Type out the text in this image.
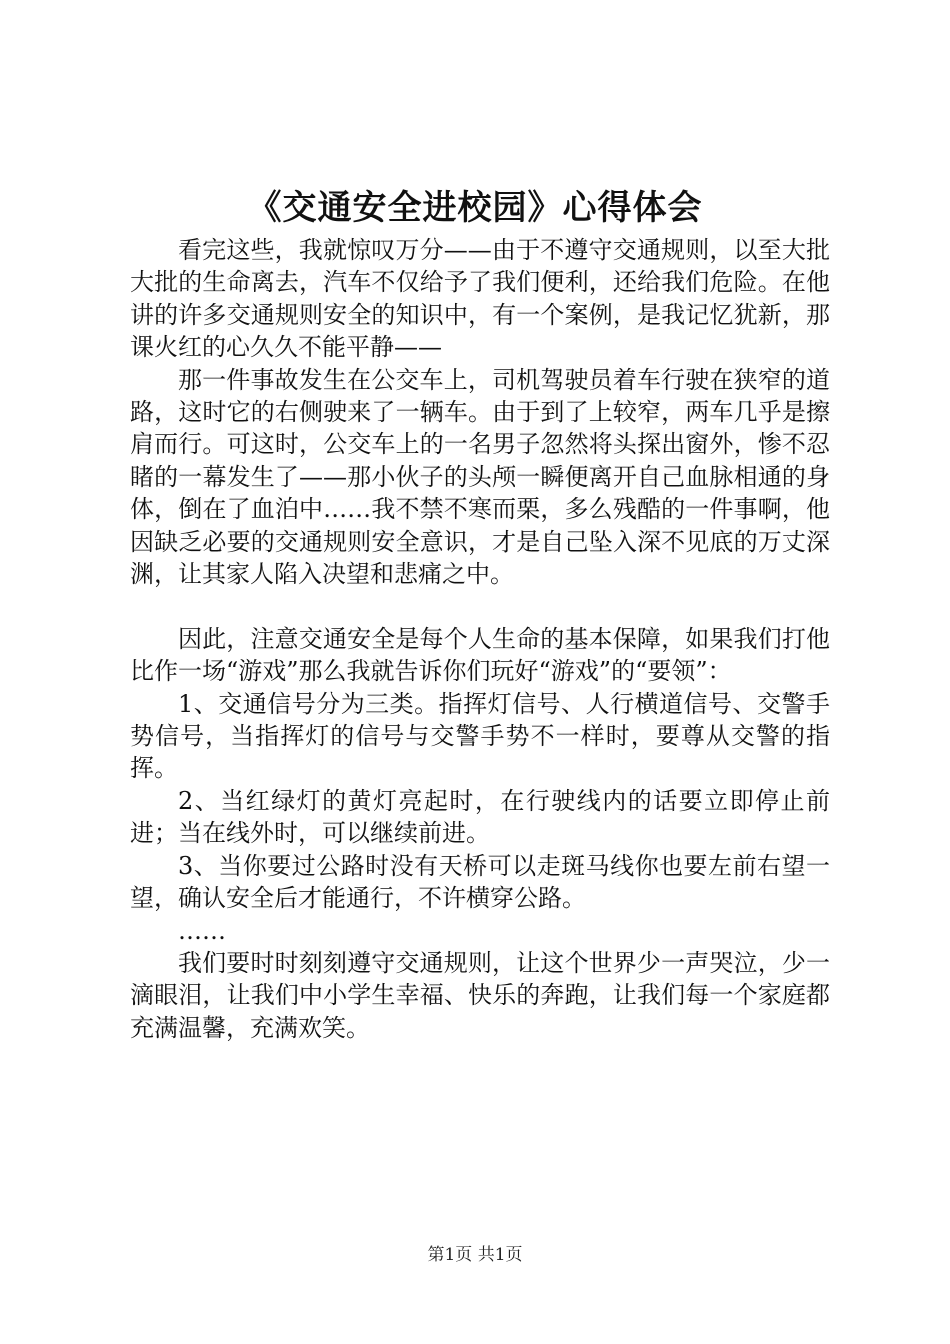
《交通安全进校园》心得体会

看完这些，我就惊叹万分——由于不遵守交通规则，以至大批大批的生命离去，汽车不仅给予了我们便利，还给我们危险。在他讲的许多交通规则安全的知识中，有一个案例，是我记忆犹新，那课火红的心久久不能平静——

那一件事故发生在公交车上，司机驾驶员着车行驶在狭窄的道路，这时它的右侧驶来了一辆车。由于到了上较窄，两车几乎是擦肩而行。可这时，公交车上的一名男子忽然将头探出窗外，惨不忍睹的一幕发生了——那小伙子的头颅一瞬便离开自己血脉相通的身体，倒在了血泊中……我不禁不寒而栗，多么残酷的一件事啊，他因缺乏必要的交通规则安全意识，才是自己坠入深不见底的万丈深渊，让其家人陷入决望和悲痛之中。

因此，注意交通安全是每个人生命的基本保障，如果我们打他比作一场“游戏”那么我就告诉你们玩好“游戏”的“要领”：

1、交通信号分为三类。指挥灯信号、人行横道信号、交警手势信号，当指挥灯的信号与交警手势不一样时，要尊从交警的指挥。

2、当红绿灯的黄灯亮起时，在行驶线内的话要立即停止前进；当在线外时，可以继续前进。

3、当你要过公路时没有天桥可以走斑马线你也要左前右望一望，确认安全后才能通行，不许横穿公路。

……

我们要时时刻刻遵守交通规则，让这个世界少一声哭泣，少一滴眼泪，让我们中小学生幸福、快乐的奔跑，让我们每一个家庭都充满温馨，充满欢笑。

第1页 共1页
